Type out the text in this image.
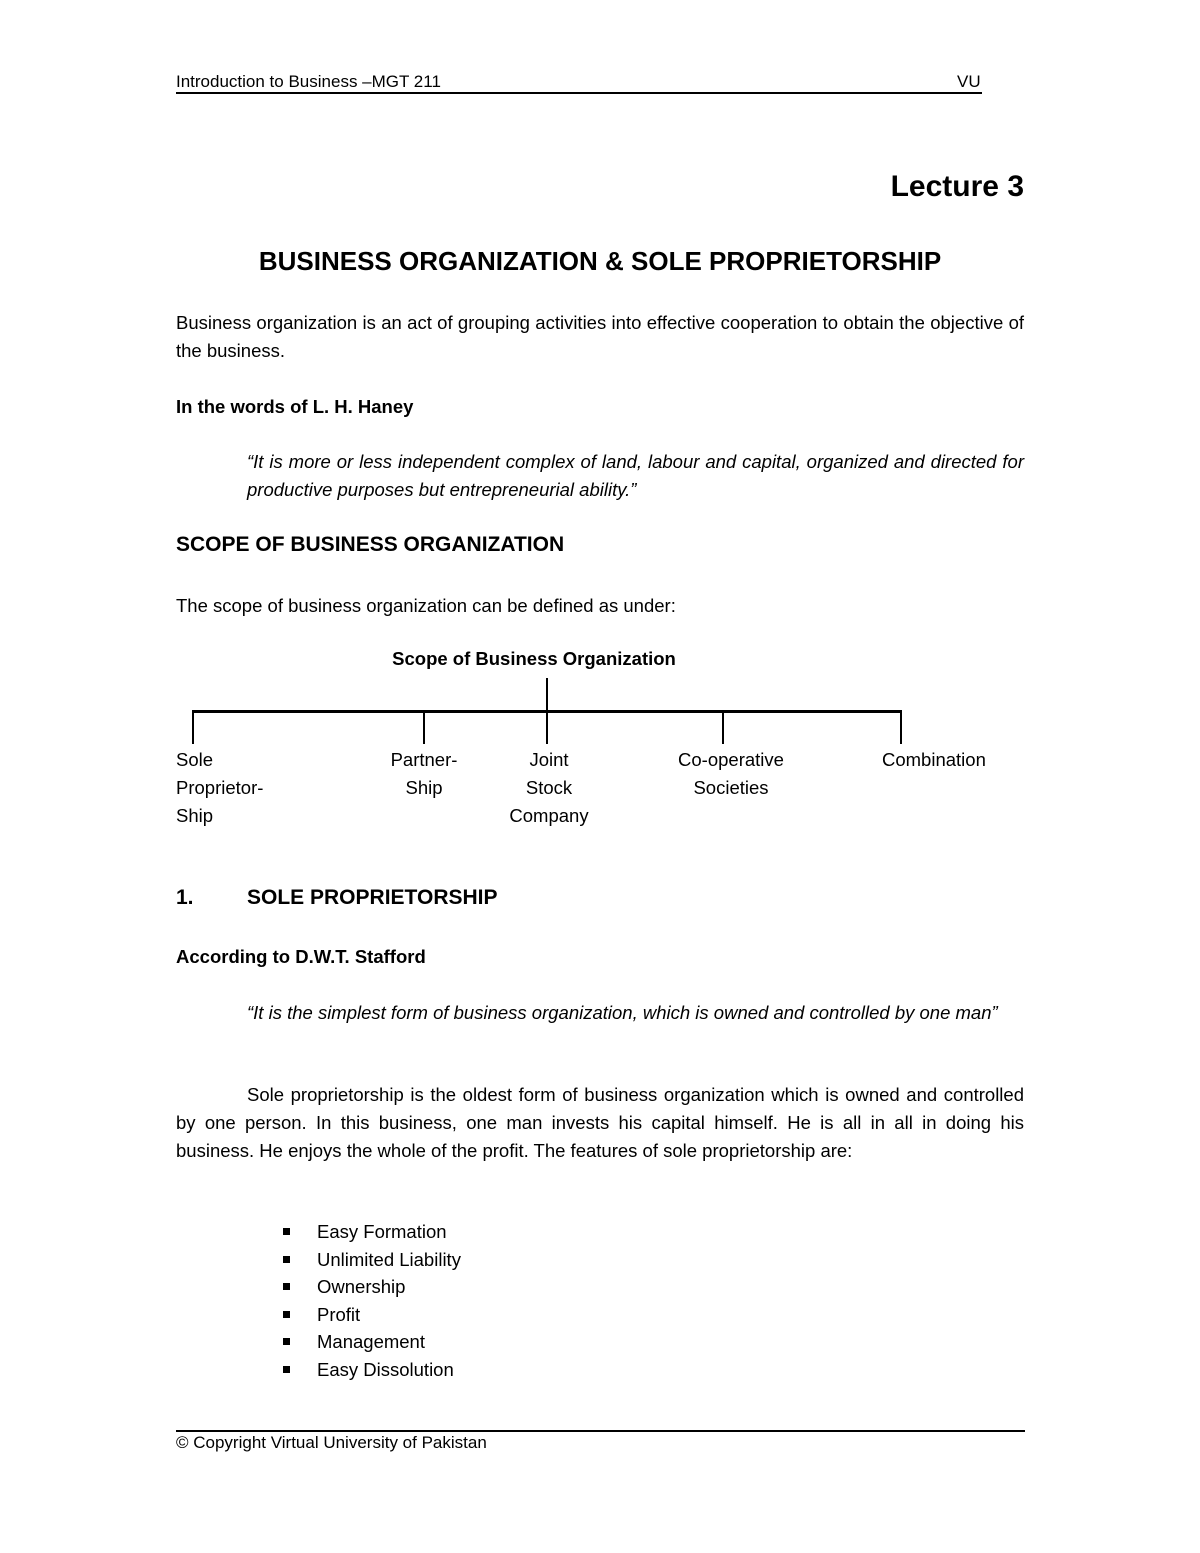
Introduction to Business –MGT 211	VU
Lecture 3
BUSINESS ORGANIZATION & SOLE PROPRIETORSHIP
Business organization is an act of grouping activities into effective cooperation to obtain the objective of the business.
In the words of L. H. Haney
“It is more or less independent complex of land, labour and capital, organized and directed for productive purposes but entrepreneurial ability.”
SCOPE OF BUSINESS ORGANIZATION
The scope of business organization can be defined as under:
Scope of Business Organization
Sole
Proprietor-
Ship
Partner-
Ship
Joint
Stock
Company
Co-operative
Societies
Combination
1.	SOLE PROPRIETORSHIP
According to D.W.T. Stafford
“It is the simplest form of business organization, which is owned and controlled by one man”
Sole proprietorship is the oldest form of business organization which is owned and controlled by one person. In this business, one man invests his capital himself. He is all in all in doing his business. He enjoys the whole of the profit. The features of sole proprietorship are:
Easy Formation
Unlimited Liability
Ownership
Profit
Management
Easy Dissolution
© Copyright Virtual University of Pakistan
